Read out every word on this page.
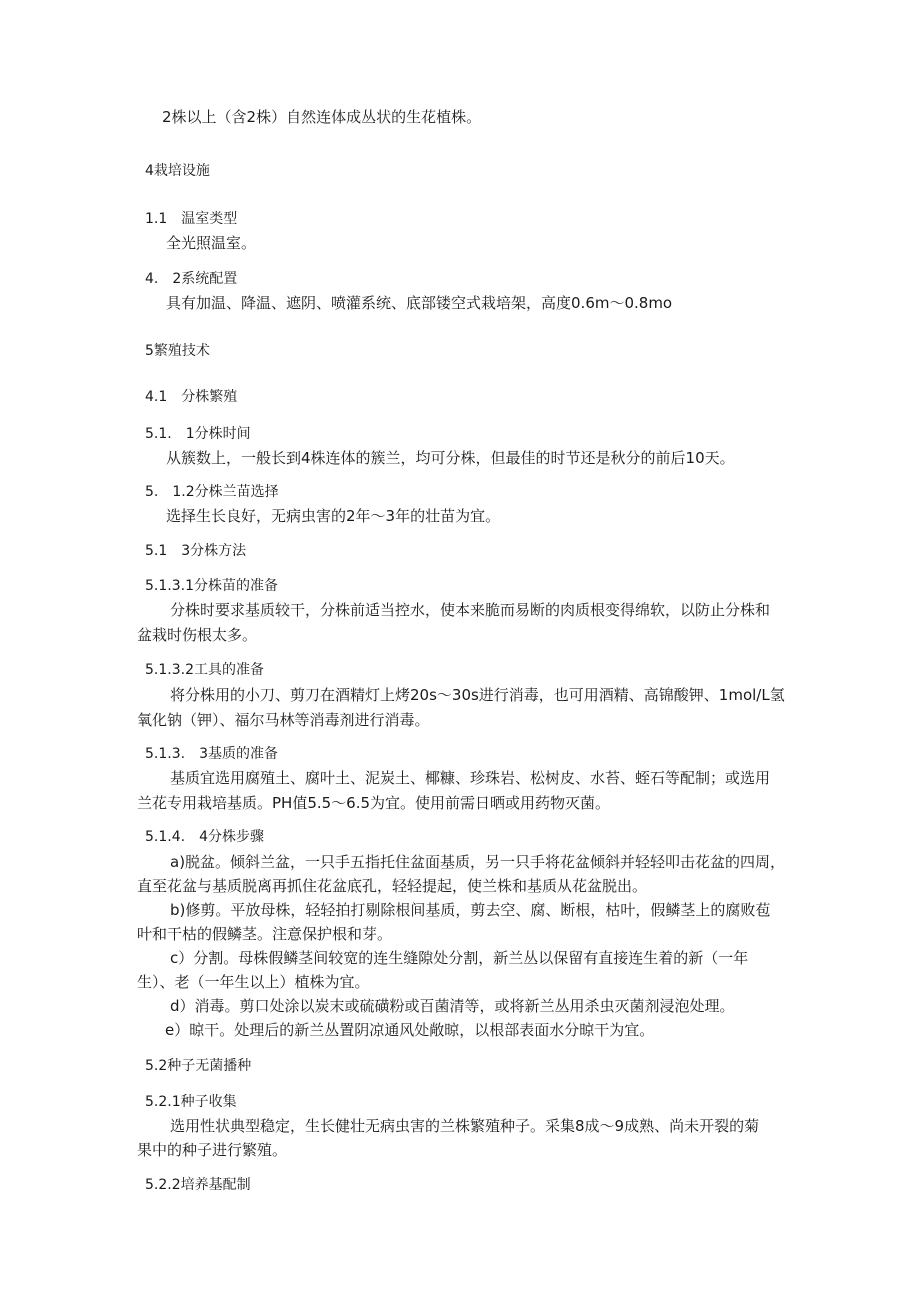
2株以上（含2株）自然连体成丛状的生花植株。
4栽培设施
1.1　温室类型
全光照温室。
4.　2系统配置
具有加温、降温、遮阴、喷灌系统、底部镂空式栽培架，高度0.6m～0.8mo
5繁殖技术
4.1　分株繁殖
5.1.　1分株时间
从簇数上，一般长到4株连体的簇兰，均可分株，但最佳的时节还是秋分的前后10天。
5.　1.2分株兰苗选择
选择生长良好，无病虫害的2年～3年的壮苗为宜。
5.1　3分株方法
5.1.3.1分株苗的准备
分株时要求基质较干，分株前适当控水，使本来脆而易断的肉质根变得绵软，以防止分株和
盆栽时伤根太多。
5.1.3.2工具的准备
将分株用的小刀、剪刀在酒精灯上烤20s～30s进行消毒，也可用酒精、高锦酸钾、1mol/L氢
氧化钠（钾）、福尔马林等消毒剂进行消毒。
5.1.3.　3基质的准备
基质宜选用腐殖土、腐叶土、泥炭土、椰糠、珍珠岩、松树皮、水苔、蛭石等配制；或选用
兰花专用栽培基质。PH值5.5～6.5为宜。使用前需日晒或用药物灭菌。
5.1.4.　4分株步骤
a)脱盆。倾斜兰盆，一只手五指托住盆面基质，另一只手将花盆倾斜并轻轻叩击花盆的四周，
直至花盆与基质脱离再抓住花盆底孔，轻轻提起，使兰株和基质从花盆脱出。
b)修剪。平放母株，轻轻拍打剔除根间基质，剪去空、腐、断根，枯叶，假鳞茎上的腐败苞
叶和干枯的假鳞茎。注意保护根和芽。
c）分割。母株假鳞茎间较宽的连生缝隙处分割，新兰丛以保留有直接连生着的新（一年
生）、老（一年生以上）植株为宜。
d）消毒。剪口处涂以炭末或硫磺粉或百菌清等，或将新兰丛用杀虫灭菌剂浸泡处理。
e）晾干。处理后的新兰丛置阴凉通风处敞晾，以根部表面水分晾干为宜。
5.2种子无菌播种
5.2.1种子收集
选用性状典型稳定，生长健壮无病虫害的兰株繁殖种子。采集8成～9成熟、尚未开裂的菊
果中的种子进行繁殖。
5.2.2培养基配制
